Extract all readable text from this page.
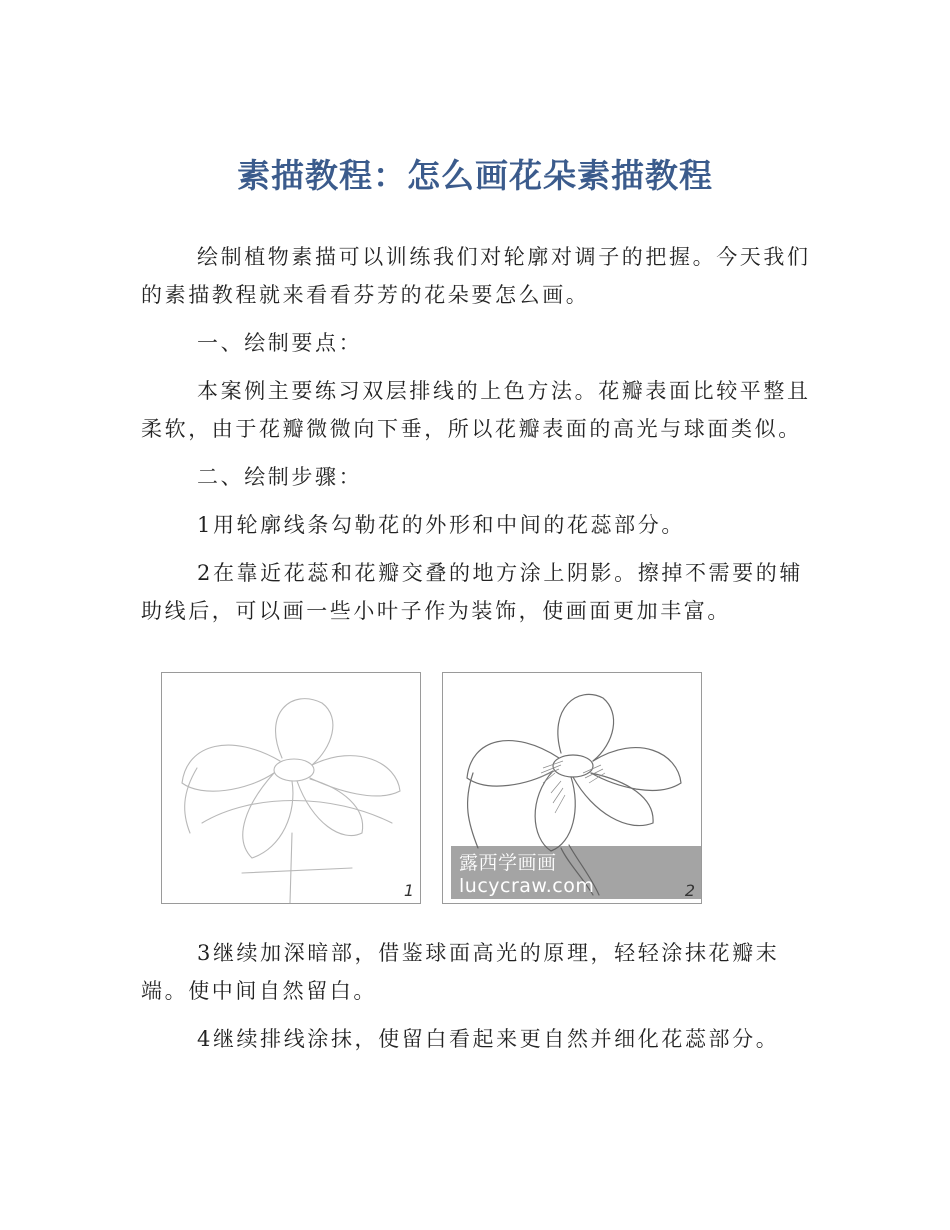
素描教程：怎么画花朵素描教程

绘制植物素描可以训练我们对轮廓对调子的把握。今天我们的素描教程就来看看芬芳的花朵要怎么画。

一、绘制要点：

本案例主要练习双层排线的上色方法。花瓣表面比较平整且柔软，由于花瓣微微向下垂，所以花瓣表面的高光与球面类似。

二、绘制步骤：

1用轮廓线条勾勒花的外形和中间的花蕊部分。

2在靠近花蕊和花瓣交叠的地方涂上阴影。擦掉不需要的辅助线后，可以画一些小叶子作为装饰，使画面更加丰富。

1
露西学画画 lucycraw.com	2

3继续加深暗部，借鉴球面高光的原理，轻轻涂抹花瓣末端。使中间自然留白。

4继续排线涂抹，使留白看起来更自然并细化花蕊部分。
